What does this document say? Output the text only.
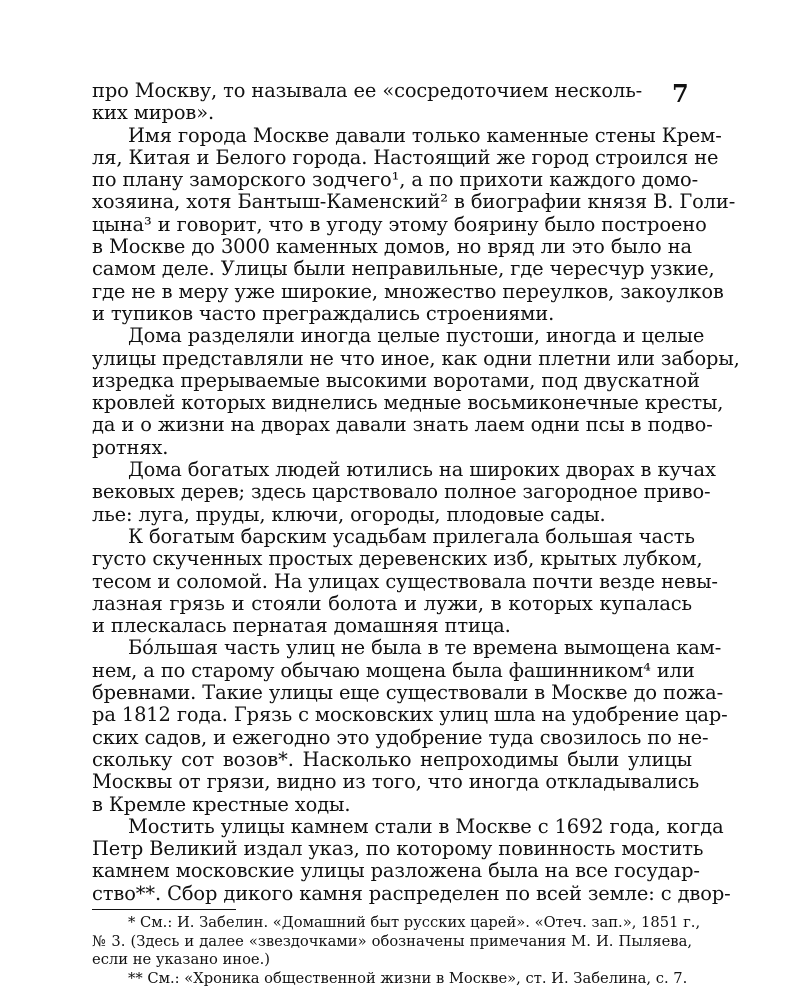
7
про Москву, то называла ее «сосредоточием несколь-
ких миров».
Имя города Москве давали только каменные стены Крем-
ля, Китая и Белого города. Настоящий же город строился не
по плану заморского зодчего¹, а по прихоти каждого домо-
хозяина, хотя Бантыш-Каменский² в биографии князя В. Голи-
цына³ и говорит, что в угоду этому боярину было построено
в Москве до 3000 каменных домов, но вряд ли это было на
самом деле. Улицы были неправильные, где чересчур узкие,
где не в меру уже широкие, множество переулков, закоулков
и тупиков часто преграждались строениями.
Дома разделяли иногда целые пустоши, иногда и целые
улицы представляли не что иное, как одни плетни или заборы,
изредка прерываемые высокими воротами, под двускатной
кровлей которых виднелись медные восьмиконечные кресты,
да и о жизни на дворах давали знать лаем одни псы в подво-
ротнях.
Дома богатых людей ютились на широких дворах в кучах
вековых дерев; здесь царствовало полное загородное приво-
лье: луга, пруды, ключи, огороды, плодовые сады.
К богатым барским усадьбам прилегала большая часть
густо скученных простых деревенских изб, крытых лубком,
тесом и соломой. На улицах существовала почти везде невы-
лазная грязь и стояли болота и лужи, в которых купалась
и плескалась пернатая домашняя птица.
Бо́льшая часть улиц не была в те времена вымощена кам-
нем, а по старому обычаю мощена была фашинником⁴ или
бревнами. Такие улицы еще существовали в Москве до пожа-
ра 1812 года. Грязь с московских улиц шла на удобрение цар-
ских садов, и ежегодно это удобрение туда свозилось по не-
скольку сот возов*. Насколько непроходимы были улицы
Москвы от грязи, видно из того, что иногда откладывались
в Кремле крестные ходы.
Мостить улицы камнем стали в Москве с 1692 года, когда
Петр Великий издал указ, по которому повинность мостить
камнем московские улицы разложена была на все государ-
ство**. Сбор дикого камня распределен по всей земле: с двор-
* См.: И. Забелин. «Домашний быт русских царей». «Отеч. зап.», 1851 г.,
№ 3. (Здесь и далее «звездочками» обозначены примечания М. И. Пыляева,
если не указано иное.)
** См.: «Хроника общественной жизни в Москве», ст. И. Забелина, с. 7.
